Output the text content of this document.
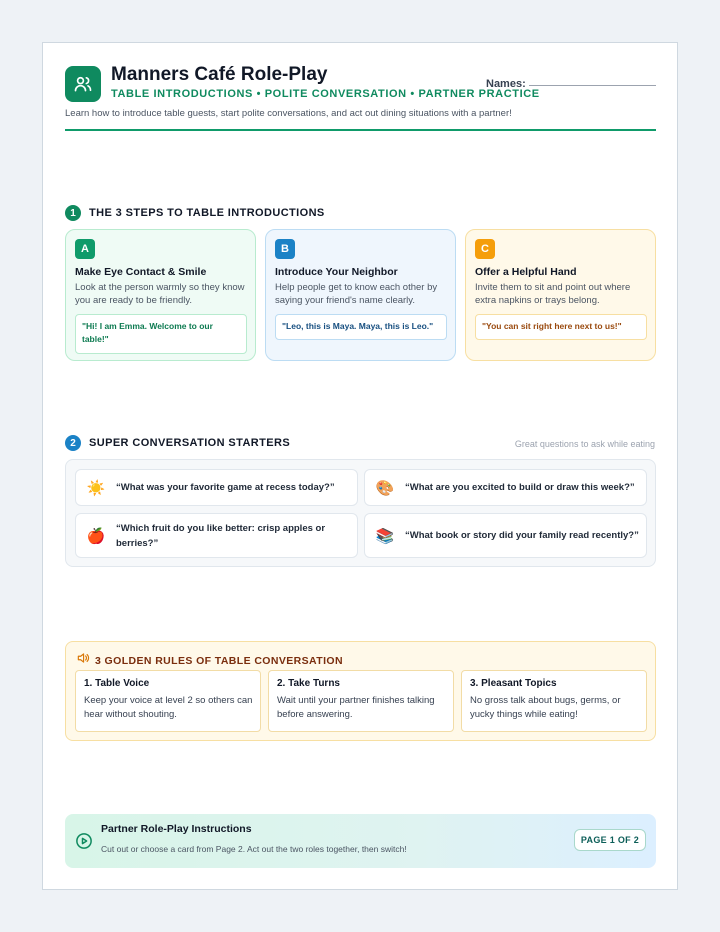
Manners Café Role-Play
TABLE INTRODUCTIONS • POLITE CONVERSATION • PARTNER PRACTICE
Names:
Learn how to introduce table guests, start polite conversations, and act out dining situations with a partner!
1	THE 3 STEPS TO TABLE INTRODUCTIONS
A
Make Eye Contact & Smile
Look at the person warmly so they know you are ready to be friendly.
"Hi! I am Emma. Welcome to our table!"
B
Introduce Your Neighbor
Help people get to know each other by saying your friend's name clearly.
"Leo, this is Maya. Maya, this is Leo."
C
Offer a Helpful Hand
Invite them to sit and point out where extra napkins or trays belong.
"You can sit right here next to us!"
2	SUPER CONVERSATION STARTERS	Great questions to ask while eating
☀️ “What was your favorite game at recess today?”	🎨 “What are you excited to build or draw this week?”
🍎 “Which fruit do you like better: crisp apples or berries?”	📚 “What book or story did your family read recently?”
3 GOLDEN RULES OF TABLE CONVERSATION
1. Table Voice
Keep your voice at level 2 so others can hear without shouting.
2. Take Turns
Wait until your partner finishes talking before answering.
3. Pleasant Topics
No gross talk about bugs, germs, or yucky things while eating!
Partner Role-Play Instructions
Cut out or choose a card from Page 2. Act out the two roles together, then switch!
PAGE 1 OF 2
